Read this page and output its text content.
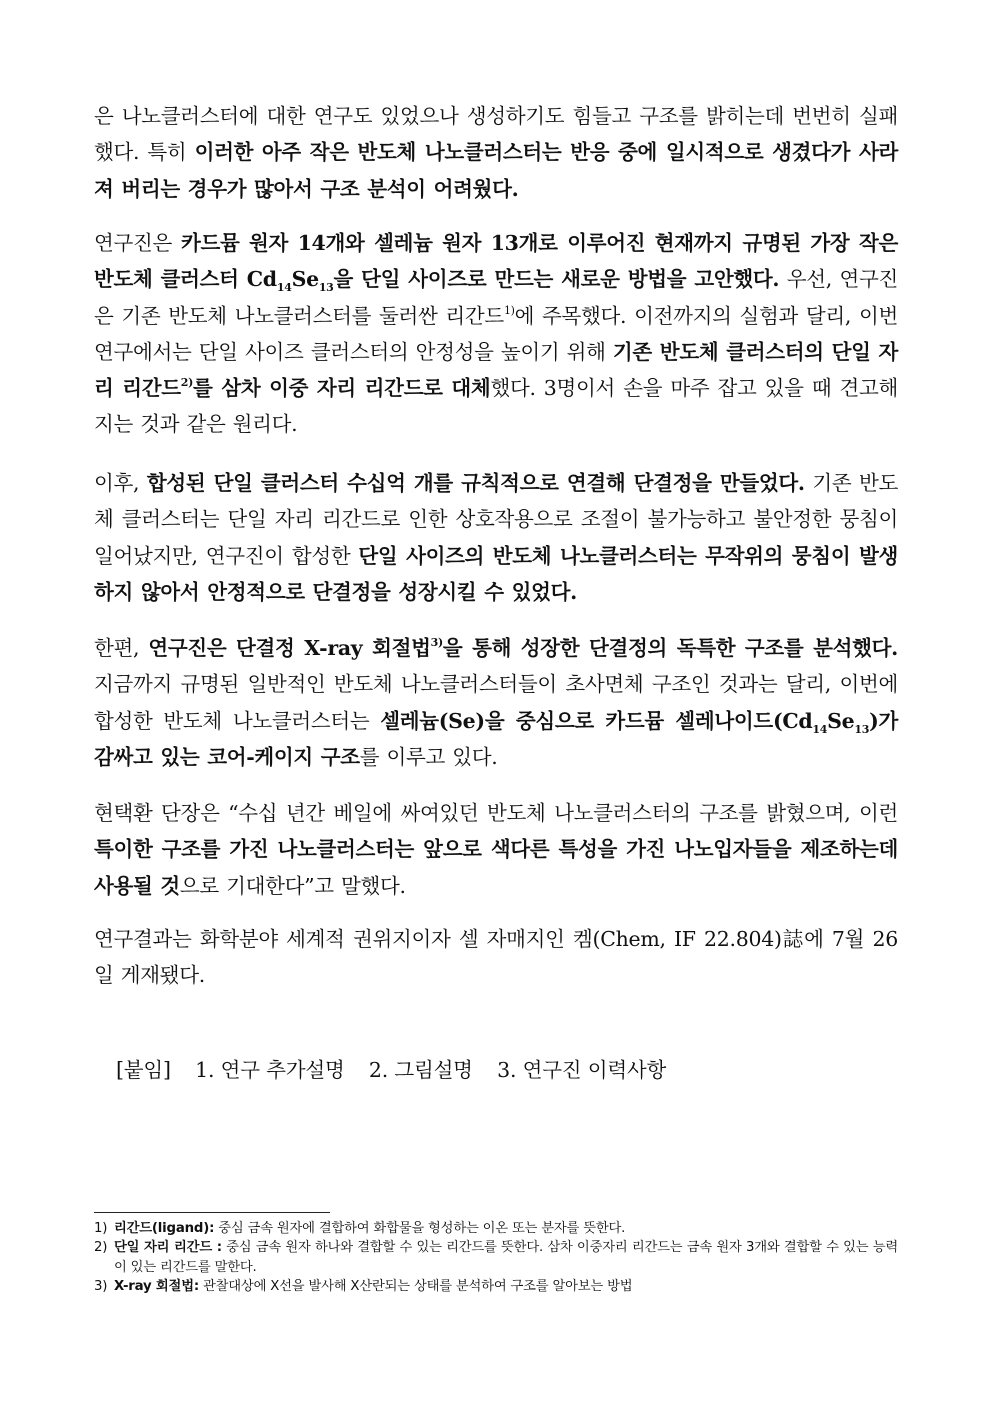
은 나노클러스터에 대한 연구도 있었으나 생성하기도 힘들고 구조를 밝히는데 번번히 실패했다. 특히 이러한 아주 작은 반도체 나노클러스터는 반응 중에 일시적으로 생겼다가 사라져 버리는 경우가 많아서 구조 분석이 어려웠다.
연구진은 카드뮴 원자 14개와 셀레늄 원자 13개로 이루어진 현재까지 규명된 가장 작은 반도체 클러스터 $Cd_{14}Se_{13}$을 단일 사이즈로 만드는 새로운 방법을 고안했다. 우선, 연구진은 기존 반도체 나노클러스터를 둘러싼 리간드$^{1)}$에 주목했다. 이전까지의 실험과 달리, 이번 연구에서는 단일 사이즈 클러스터의 안정성을 높이기 위해 기존 반도체 클러스터의 단일 자리 리간드$^{2)}$를 삼차 이중 자리 리간드로 대체했다. 3명이서 손을 마주 잡고 있을 때 견고해지는 것과 같은 원리다.
이후, 합성된 단일 클러스터 수십억 개를 규칙적으로 연결해 단결정을 만들었다. 기존 반도체 클러스터는 단일 자리 리간드로 인한 상호작용으로 조절이 불가능하고 불안정한 뭉침이 일어났지만, 연구진이 합성한 단일 사이즈의 반도체 나노클러스터는 무작위의 뭉침이 발생하지 않아서 안정적으로 단결정을 성장시킬 수 있었다.
한편, 연구진은 단결정 X-ray 회절법$^{3)}$을 통해 성장한 단결정의 독특한 구조를 분석했다. 지금까지 규명된 일반적인 반도체 나노클러스터들이 초사면체 구조인 것과는 달리, 이번에 합성한 반도체 나노클러스터는 셀레늄(Se)을 중심으로 카드뮴 셀레나이드$(Cd_{14}Se_{13})$가 감싸고 있는 코어-케이지 구조를 이루고 있다.
현택환 단장은 “수십 년간 베일에 싸여있던 반도체 나노클러스터의 구조를 밝혔으며, 이런 특이한 구조를 가진 나노클러스터는 앞으로 색다른 특성을 가진 나노입자들을 제조하는데 사용될 것으로 기대한다”고 말했다.
연구결과는 화학분야 세계적 권위지이자 셀 자매지인 켐(Chem, IF 22.804)誌에 7월 26일 게재됐다.
[붙임] 1. 연구 추가설명 2. 그림설명 3. 연구진 이력사항
1) 리간드(ligand): 중심 금속 원자에 결합하여 화합물을 형성하는 이온 또는 분자를 뜻한다.
2) 단일 자리 리간드 : 중심 금속 원자 하나와 결합할 수 있는 리간드를 뜻한다. 삼차 이중자리 리간드는 금속 원자 3개와 결합할 수 있는 능력이 있는 리간드를 말한다.
3) X-ray 회절법: 관찰대상에 X선을 발사해 X산란되는 상태를 분석하여 구조를 알아보는 방법
